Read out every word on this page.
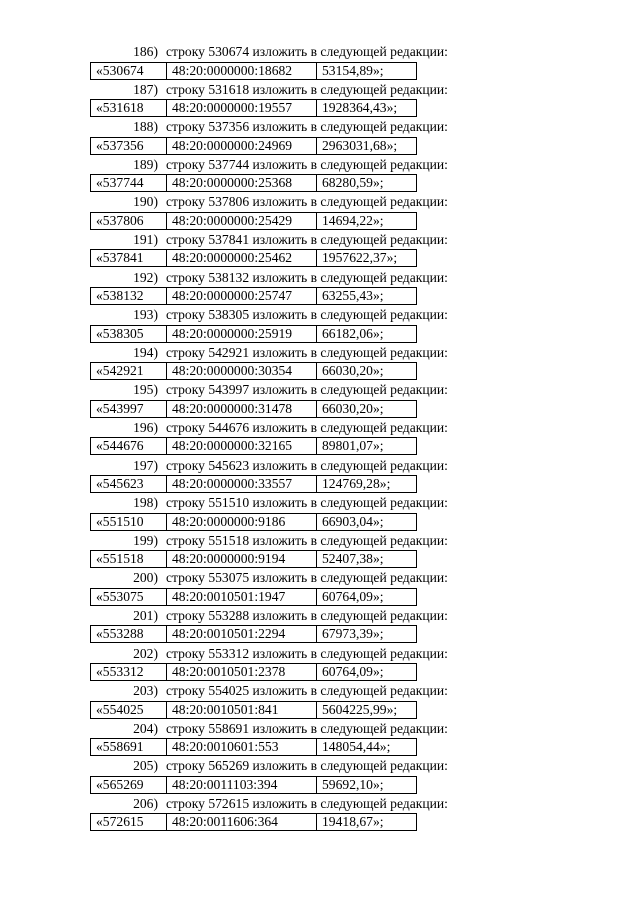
186) строку 530674 изложить в следующей редакции:
«530674	48:20:0000000:18682	53154,89»;
187) строку 531618 изложить в следующей редакции:
«531618	48:20:0000000:19557	1928364,43»;
188) строку 537356 изложить в следующей редакции:
«537356	48:20:0000000:24969	2963031,68»;
189) строку 537744 изложить в следующей редакции:
«537744	48:20:0000000:25368	68280,59»;
190) строку 537806 изложить в следующей редакции:
«537806	48:20:0000000:25429	14694,22»;
191) строку 537841 изложить в следующей редакции:
«537841	48:20:0000000:25462	1957622,37»;
192) строку 538132 изложить в следующей редакции:
«538132	48:20:0000000:25747	63255,43»;
193) строку 538305 изложить в следующей редакции:
«538305	48:20:0000000:25919	66182,06»;
194) строку 542921 изложить в следующей редакции:
«542921	48:20:0000000:30354	66030,20»;
195) строку 543997 изложить в следующей редакции:
«543997	48:20:0000000:31478	66030,20»;
196) строку 544676 изложить в следующей редакции:
«544676	48:20:0000000:32165	89801,07»;
197) строку 545623 изложить в следующей редакции:
«545623	48:20:0000000:33557	124769,28»;
198) строку 551510 изложить в следующей редакции:
«551510	48:20:0000000:9186	66903,04»;
199) строку 551518 изложить в следующей редакции:
«551518	48:20:0000000:9194	52407,38»;
200) строку 553075 изложить в следующей редакции:
«553075	48:20:0010501:1947	60764,09»;
201) строку 553288 изложить в следующей редакции:
«553288	48:20:0010501:2294	67973,39»;
202) строку 553312 изложить в следующей редакции:
«553312	48:20:0010501:2378	60764,09»;
203) строку 554025 изложить в следующей редакции:
«554025	48:20:0010501:841	5604225,99»;
204) строку 558691 изложить в следующей редакции:
«558691	48:20:0010601:553	148054,44»;
205) строку 565269 изложить в следующей редакции:
«565269	48:20:0011103:394	59692,10»;
206) строку 572615 изложить в следующей редакции:
«572615	48:20:0011606:364	19418,67»;
